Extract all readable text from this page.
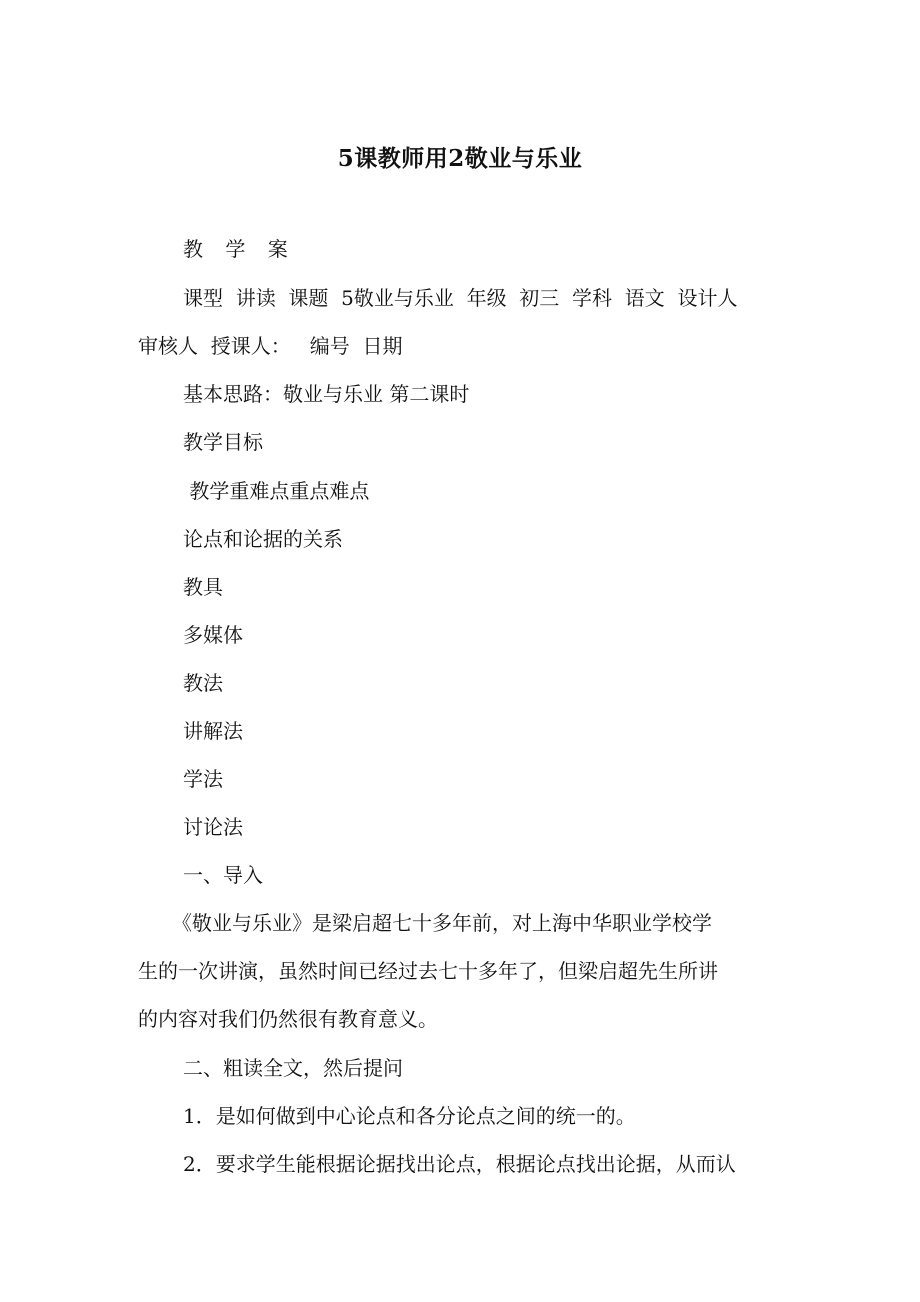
5课教师用2敬业与乐业
教 学 案
课型  讲读  课题  5敬业与乐业  年级  初三  学科  语文  设计人
审核人  授课人：   编号  日期
基本思路：敬业与乐业 第二课时
教学目标
教学重难点重点难点
论点和论据的关系
教具
多媒体
教法
讲解法
学法
讨论法
一、导入
《敬业与乐业》是梁启超七十多年前，对上海中华职业学校学
生的一次讲演，虽然时间已经过去七十多年了，但梁启超先生所讲
的内容对我们仍然很有教育意义。
二、粗读全文，然后提问
1．是如何做到中心论点和各分论点之间的统一的。
2．要求学生能根据论据找出论点，根据论点找出论据，从而认
